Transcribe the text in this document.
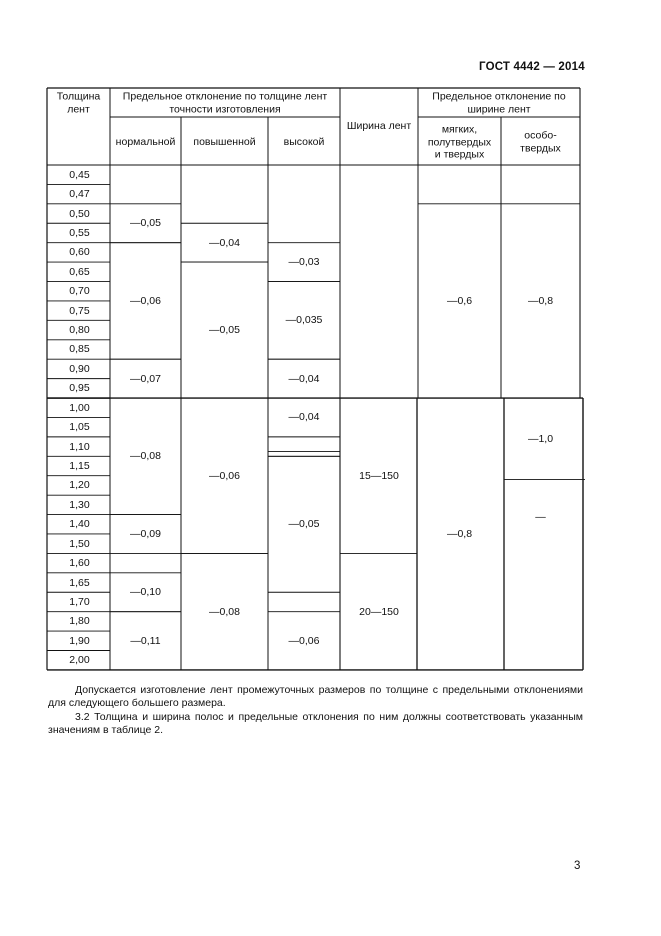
ГОСТ 4442 — 2014
Толщина
лент
Предельное отклонение по толщине лент
точности изготовления
нормальной повышенной	высокой
Ширина лент
Предельное отклонение по
ширине лент
мягких,
полутвердых
и твердых
особо-
твердых
0,45
0,47
0,50
0,55
0,60
0,65
0,70
0,75
0,80
0,85
0,90
0,95
1,00
1,05
1,10
1,15
1,20
1,30
1,40
1,50
1,60
1,65
1,70
1,80
1,90
2,00
—0,05
—0,06
—0,07
—0,08
—0,09
—0,10
—0,11
—0,04
—0,05
—0,06
—0,08
—0,03
—0,035
—0,04
—0,04
—0,05
—0,06
15—150
20—150
—0,6
—0,8
—0,8
—1,0
—
Допускается изготовление лент промежуточных размеров по толщине с предельными отклонениями для следующего большего размера.
3.2 Толщина и ширина полос и предельные отклонения по ним должны соответствовать указанным значениям в таблице 2.
3
